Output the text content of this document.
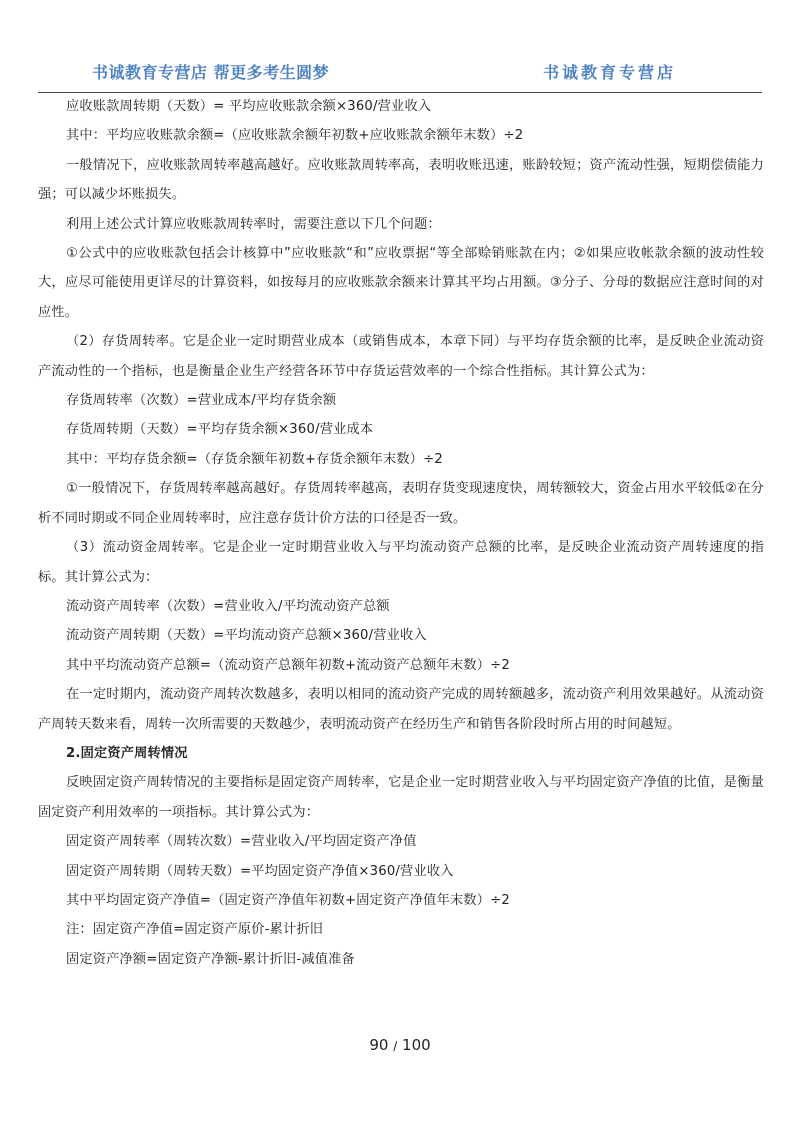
书诚教育专营店 帮更多考生圆梦	书诚教育专营店

应收账款周转期（天数）= 平均应收账款余额×360/营业收入

其中：平均应收账款余额=（应收账款余额年初数+应收账款余额年末数）÷2

一般情况下，应收账款周转率越高越好。应收账款周转率高，表明收账迅速，账龄较短；资产流动性强，短期偿债能力强；可以减少坏账损失。

利用上述公式计算应收账款周转率时，需要注意以下几个问题：

①公式中的应收账款包括会计核算中”应收账款“和”应收票据“等全部赊销账款在内；②如果应收帐款余额的波动性较大，应尽可能使用更详尽的计算资料，如按每月的应收账款余额来计算其平均占用额。③分子、分母的数据应注意时间的对应性。

（2）存货周转率。它是企业一定时期营业成本（或销售成本，本章下同）与平均存货余额的比率，是反映企业流动资产流动性的一个指标，也是衡量企业生产经营各环节中存货运营效率的一个综合性指标。其计算公式为：

存货周转率（次数）=营业成本/平均存货余额

存货周转期（天数）=平均存货余额×360/营业成本

其中：平均存货余额=（存货余额年初数+存货余额年末数）÷2

①一般情况下，存货周转率越高越好。存货周转率越高，表明存货变现速度快，周转额较大，资金占用水平较低②在分析不同时期或不同企业周转率时，应注意存货计价方法的口径是否一致。

（3）流动资金周转率。它是企业一定时期营业收入与平均流动资产总额的比率，是反映企业流动资产周转速度的指标。其计算公式为：

流动资产周转率（次数）=营业收入/平均流动资产总额

流动资产周转期（天数）=平均流动资产总额×360/营业收入

其中平均流动资产总额=（流动资产总额年初数+流动资产总额年末数）÷2

在一定时期内，流动资产周转次数越多，表明以相同的流动资产完成的周转额越多，流动资产利用效果越好。从流动资产周转天数来看，周转一次所需要的天数越少，表明流动资产在经历生产和销售各阶段时所占用的时间越短。

2.固定资产周转情况

反映固定资产周转情况的主要指标是固定资产周转率，它是企业一定时期营业收入与平均固定资产净值的比值，是衡量固定资产利用效率的一项指标。其计算公式为：

固定资产周转率（周转次数）=营业收入/平均固定资产净值

固定资产周转期（周转天数）=平均固定资产净值×360/营业收入

其中平均固定资产净值=（固定资产净值年初数+固定资产净值年末数）÷2

注：固定资产净值=固定资产原价-累计折旧

固定资产净额=固定资产净额-累计折旧-减值准备

90 / 100
